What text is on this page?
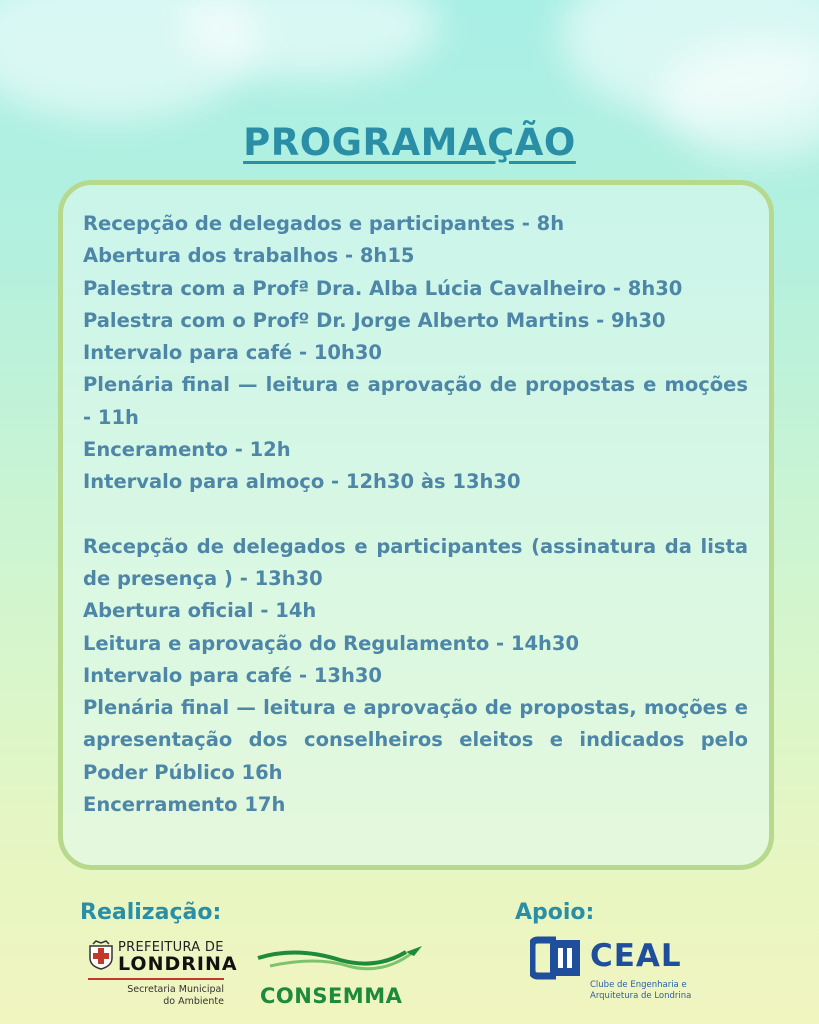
PROGRAMAÇÃO

Recepção de delegados e participantes - 8h

Abertura dos trabalhos - 8h15

Palestra com a Profª Dra. Alba Lúcia Cavalheiro - 8h30

Palestra com o Profº Dr. Jorge Alberto Martins - 9h30

Intervalo para café - 10h30

Plenária final — leitura e aprovação de propostas e moções - 11h

Enceramento - 12h

Intervalo para almoço - 12h30 às 13h30

Recepção de delegados e participantes (assinatura da lista de presença ) - 13h30

Abertura oficial - 14h

Leitura e aprovação do Regulamento - 14h30

Intervalo para café - 13h30

Plenária final — leitura e aprovação de propostas, moções e apresentação dos conselheiros eleitos e indicados pelo Poder Público 16h

Encerramento 17h

Realização:	Apoio:
PREFEITURA DE
LONDRINA
Secretaria Municipal
do Ambiente CONSEMMA
CEAL
Clube de Engenharia e
Arquitetura de Londrina
